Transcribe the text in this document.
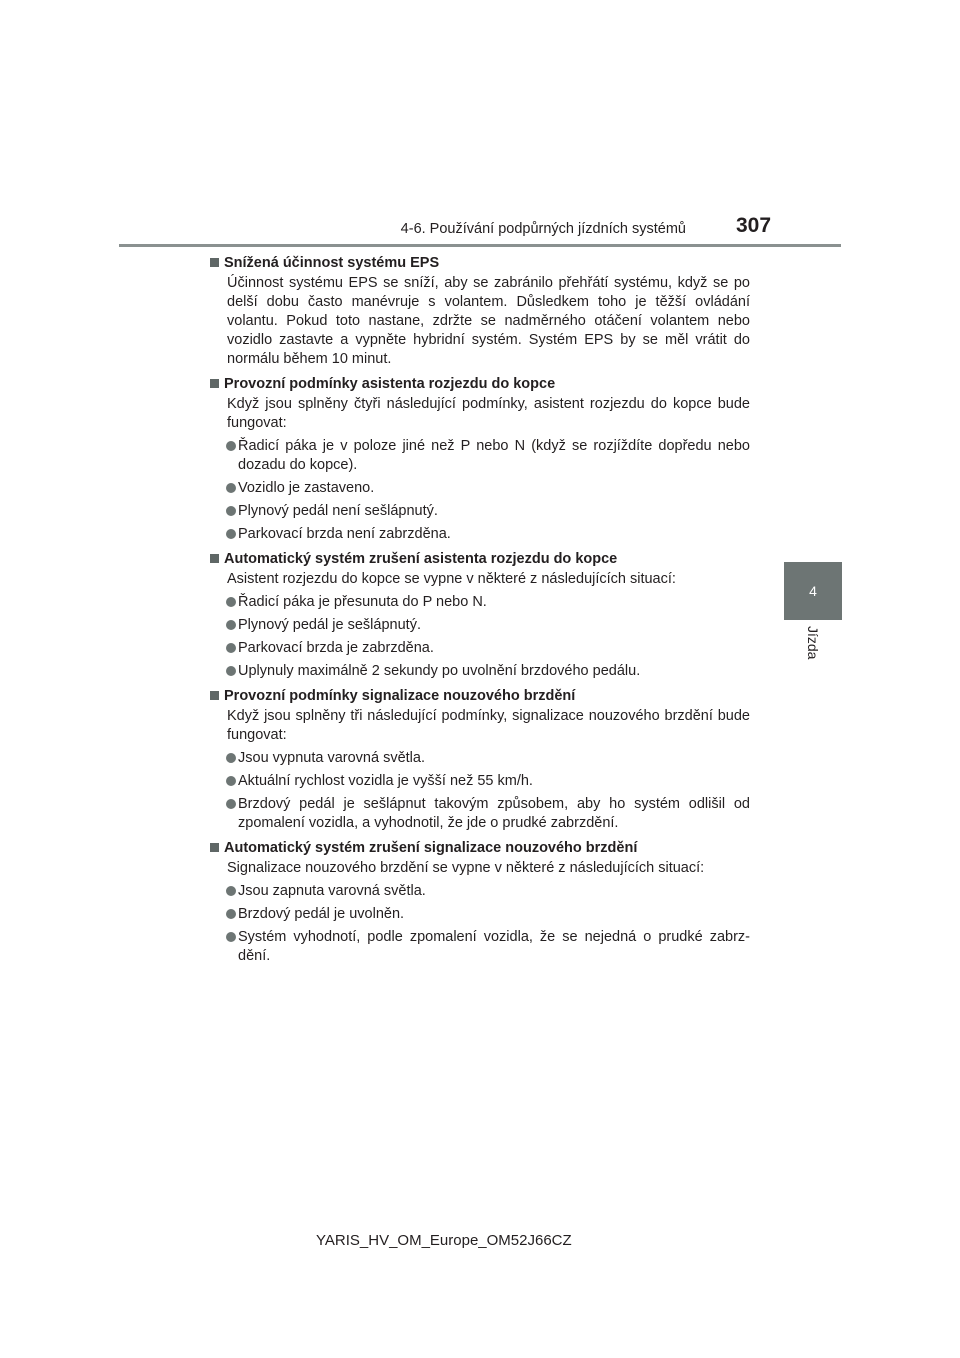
4-6. Používání podpůrných jízdních systémů 307
4
Jízda
Snížená účinnost systému EPS
Účinnost systému EPS se sníží, aby se zabránilo přehřátí systému, když se po delší dobu často manévruje s volantem. Důsledkem toho je těžší ovládání volantu. Pokud toto nastane, zdržte se nadměrného otáčení volantem nebo vozidlo zastavte a vypněte hybridní systém. Systém EPS by se měl vrátit do normálu během 10 minut.
Provozní podmínky asistenta rozjezdu do kopce
Když jsou splněny čtyři následující podmínky, asistent rozjezdu do kopce bude fungovat:
Řadicí páka je v poloze jiné než P nebo N (když se rozjíždíte dopředu nebo dozadu do kopce).
Vozidlo je zastaveno.
Plynový pedál není sešlápnutý.
Parkovací brzda není zabrzděna.
Automatický systém zrušení asistenta rozjezdu do kopce
Asistent rozjezdu do kopce se vypne v některé z následujících situací:
Řadicí páka je přesunuta do P nebo N.
Plynový pedál je sešlápnutý.
Parkovací brzda je zabrzděna.
Uplynuly maximálně 2 sekundy po uvolnění brzdového pedálu.
Provozní podmínky signalizace nouzového brzdění
Když jsou splněny tři následující podmínky, signalizace nouzového brzdění bude fungovat:
Jsou vypnuta varovná světla.
Aktuální rychlost vozidla je vyšší než 55 km/h.
Brzdový pedál je sešlápnut takovým způsobem, aby ho systém odlišil od zpomalení vozidla, a vyhodnotil, že jde o prudké zabrzdění.
Automatický systém zrušení signalizace nouzového brzdění
Signalizace nouzového brzdění se vypne v některé z následujících situací:
Jsou zapnuta varovná světla.
Brzdový pedál je uvolněn.
Systém vyhodnotí, podle zpomalení vozidla, že se nejedná o prudké zabrz-dění.
YARIS_HV_OM_Europe_OM52J66CZ
